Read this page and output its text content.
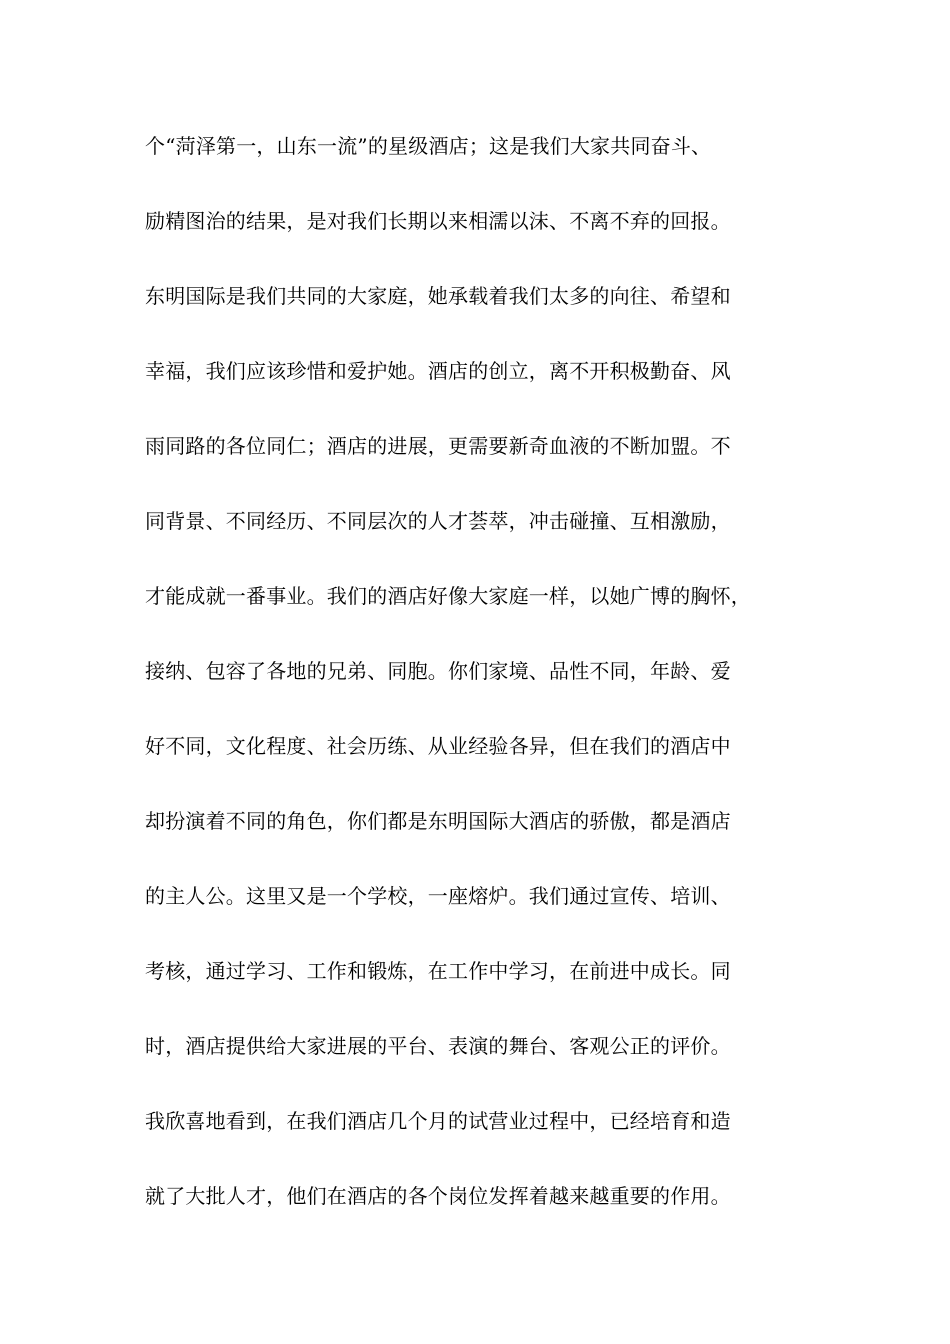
个“菏泽第一，山东一流”的星级酒店；这是我们大家共同奋斗、
励精图治的结果，是对我们长期以来相濡以沫、不离不弃的回报。
东明国际是我们共同的大家庭，她承载着我们太多的向往、希望和
幸福，我们应该珍惜和爱护她。酒店的创立，离不开积极勤奋、风
雨同路的各位同仁；酒店的进展，更需要新奇血液的不断加盟。不
同背景、不同经历、不同层次的人才荟萃，冲击碰撞、互相激励，
才能成就一番事业。我们的酒店好像大家庭一样，以她广博的胸怀，
接纳、包容了各地的兄弟、同胞。你们家境、品性不同，年龄、爱
好不同，文化程度、社会历练、从业经验各异，但在我们的酒店中
却扮演着不同的角色，你们都是东明国际大酒店的骄傲，都是酒店
的主人公。这里又是一个学校，一座熔炉。我们通过宣传、培训、
考核，通过学习、工作和锻炼，在工作中学习，在前进中成长。同
时，酒店提供给大家进展的平台、表演的舞台、客观公正的评价。
我欣喜地看到，在我们酒店几个月的试营业过程中，已经培育和造
就了大批人才，他们在酒店的各个岗位发挥着越来越重要的作用。
